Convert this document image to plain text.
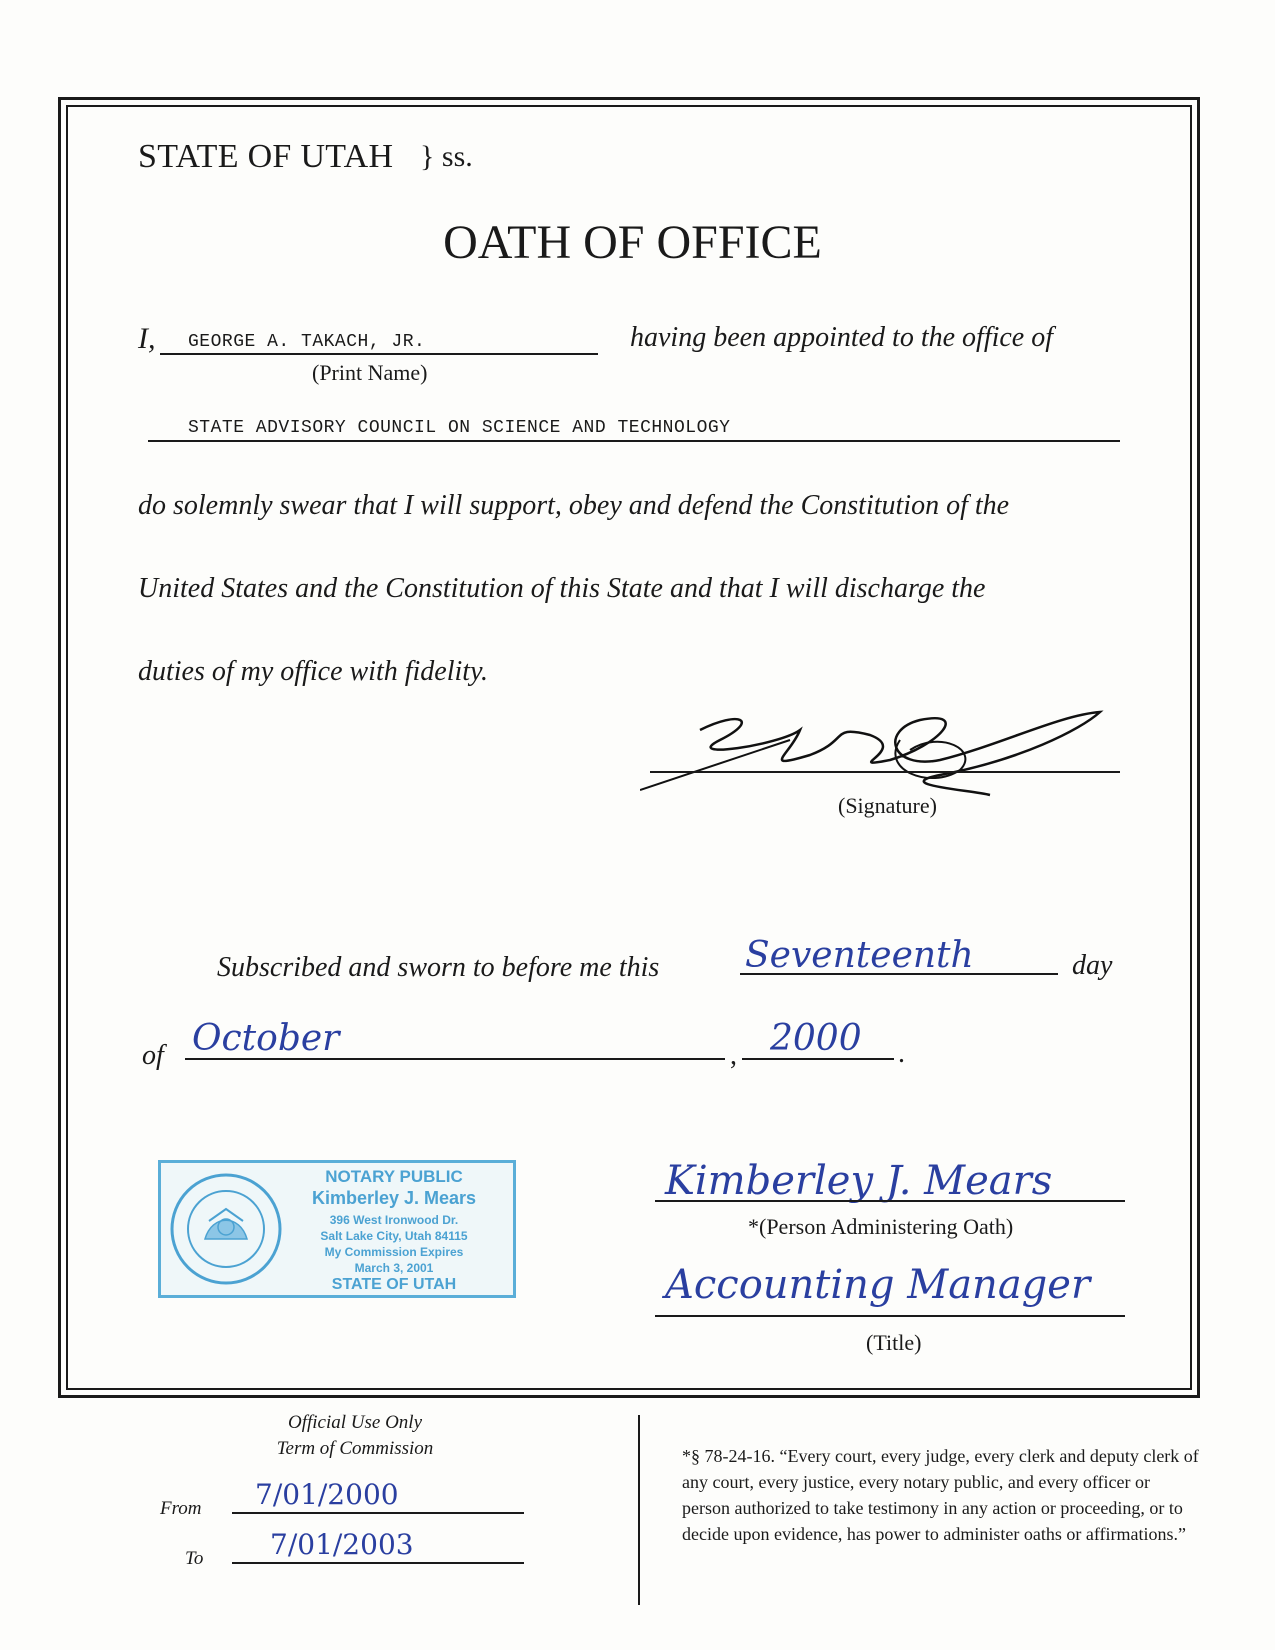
STATE OF UTAH } ss.
OATH OF OFFICE
I, GEORGE A. TAKACH, JR.
(Print Name)
having been appointed to the office of
STATE ADVISORY COUNCIL ON SCIENCE AND TECHNOLOGY
do solemnly swear that I will support, obey and defend the Constitution of the
United States and the Constitution of this State and that I will discharge the
duties of my office with fidelity.
(Signature)
Subscribed and sworn to before me this Seventeenth	day
of October	, 2000 .
NOTARY PUBLIC
Kimberley J. Mears
396 West Ironwood Dr.
Salt Lake City, Utah 84115
My Commission Expires
March 3, 2001
STATE OF UTAH
Kimberley J. Mears
*(Person Administering Oath)
Accounting Manager
(Title)
Official Use Only
Term of Commission
From 7/01/2000
To 7/01/2003
*§ 78-24-16. “Every court, every judge, every clerk and deputy clerk of any court, every justice, every notary public, and every officer or person authorized to take testimony in any action or proceeding, or to decide upon evidence, has power to administer oaths or affirmations.”
